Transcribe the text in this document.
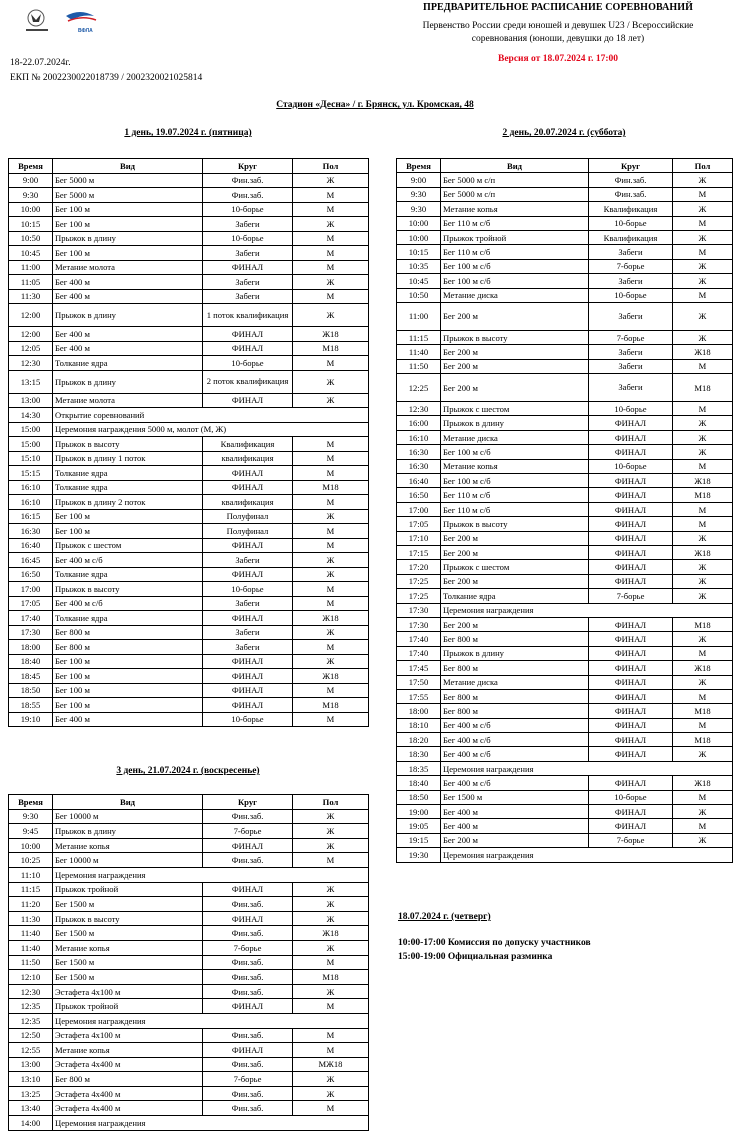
ВФЛА
ПРЕДВАРИТЕЛЬНОЕ РАСПИСАНИЕ СОРЕВНОВАНИЙ
Первенство России среди юношей и девушек U23 / Всероссийские
соревнования (юноши, девушки до 18 лет)
Версия от 18.07.2024 г. 17:00
18-22.07.2024г.
ЕКП № 2002230022018739 / 2002320021025814
Стадион «Десна» / г. Брянск, ул. Кромская, 48
1 день, 19.07.2024 г. (пятница)	2 день, 20.07.2024 г. (суббота)
3 день, 21.07.2024 г. (воскресенье)
Время	Вид	Круг	Пол
9:00	Бег 5000 м	Фин.заб.	Ж
9:30	Бег 5000 м	Фин.заб.	М
10:00	Бег 100 м	10-борье	М
10:15	Бег 100 м	Забеги	Ж
10:50	Прыжок в длину	10-борье	М
10:45	Бег 100 м	Забеги	М
11:00	Метание молота	ФИНАЛ	М
11:05	Бег 400 м	Забеги	Ж
11:30	Бег 400 м	Забеги	М
12:00	Прыжок в длину	1 поток квалификация	Ж
12:00	Бег 400 м	ФИНАЛ	Ж18
12:05	Бег 400 м	ФИНАЛ	М18
12:30	Толкание ядра	10-борье	М
13:15	Прыжок в длину	2 поток квалификация	Ж
13:00	Метание молота	ФИНАЛ	Ж
14:30	Открытие соревнований		
15:00	Церемония награждения 5000 м, молот (М, Ж)		
15:00	Прыжок в высоту	Квалификация	М
15:10	Прыжок в длину 1 поток	квалификация	М
15:15	Толкание ядра	ФИНАЛ	М
16:10	Толкание ядра	ФИНАЛ	М18
16:10	Прыжок в длину 2 поток	квалификация	М
16:15	Бег 100 м	Полуфинал	Ж
16:30	Бег 100 м	Полуфинал	М
16:40	Прыжок с шестом	ФИНАЛ	М
16:45	Бег 400 м с/б	Забеги	Ж
16:50	Толкание ядра	ФИНАЛ	Ж
17:00	Прыжок в высоту	10-борье	М
17:05	Бег 400 м с/б	Забеги	М
17:40	Толкание ядра	ФИНАЛ	Ж18
17:30	Бег 800 м	Забеги	Ж
18:00	Бег 800 м	Забеги	М
18:40	Бег 100 м	ФИНАЛ	Ж
18:45	Бег 100 м	ФИНАЛ	Ж18
18:50	Бег 100 м	ФИНАЛ	М
18:55	Бег 100 м	ФИНАЛ	М18
19:10	Бег 400 м	10-борье	М
Время	Вид	Круг	Пол
9:00	Бег 5000 м с/п	Фин.заб.	Ж
9:30	Бег 5000 м с/п	Фин.заб.	М
9:30	Метание копья	Квалификация	Ж
10:00	Бег 110 м с/б	10-борье	М
10:00	Прыжок тройной	Квалификация	Ж
10:15	Бег 110 м с/б	Забеги	М
10:35	Бег 100 м с/б	7-борье	Ж
10:45	Бег 100 м с/б	Забеги	Ж
10:50	Метание диска	10-борье	М
11:00	Бег 200 м	Забеги	Ж
11:15	Прыжок в высоту	7-борье	Ж
11:40	Бег 200 м	Забеги	Ж18
11:50	Бег 200 м	Забеги	М
12:25	Бег 200 м	Забеги	М18
12:30	Прыжок с шестом	10-борье	М
16:00	Прыжок в длину	ФИНАЛ	Ж
16:10	Метание диска	ФИНАЛ	Ж
16:30	Бег 100 м с/б	ФИНАЛ	Ж
16:30	Метание копья	10-борье	М
16:40	Бег 100 м с/б	ФИНАЛ	Ж18
16:50	Бег 110 м с/б	ФИНАЛ	М18
17:00	Бег 110 м с/б	ФИНАЛ	М
17:05	Прыжок в высоту	ФИНАЛ	М
17:10	Бег 200 м	ФИНАЛ	Ж
17:15	Бег 200 м	ФИНАЛ	Ж18
17:20	Прыжок с шестом	ФИНАЛ	Ж
17:25	Бег 200 м	ФИНАЛ	Ж
17:25	Толкание ядра	7-борье	Ж
17:30	Церемония награждения		
17:30	Бег 200 м	ФИНАЛ	М18
17:40	Бег 800 м	ФИНАЛ	Ж
17:40	Прыжок в длину	ФИНАЛ	М
17:45	Бег 800 м	ФИНАЛ	Ж18
17:50	Метание диска	ФИНАЛ	Ж
17:55	Бег 800 м	ФИНАЛ	М
18:00	Бег 800 м	ФИНАЛ	М18
18:10	Бег 400 м с/б	ФИНАЛ	М
18:20	Бег 400 м с/б	ФИНАЛ	М18
18:30	Бег 400 м с/б	ФИНАЛ	Ж
18:35	Церемония награждения		
18:40	Бег 400 м с/б	ФИНАЛ	Ж18
18:50	Бег 1500 м	10-борье	М
19:00	Бег 400 м	ФИНАЛ	Ж
19:05	Бег 400 м	ФИНАЛ	М
19:15	Бег 200 м	7-борье	Ж
19:30	Церемония награждения		
Время	Вид	Круг	Пол
9:30	Бег 10000 м	Фин.заб.	Ж
9:45	Прыжок в длину	7-борье	Ж
10:00	Метание копья	ФИНАЛ	Ж
10:25	Бег 10000 м	Фин.заб.	М
11:10	Церемония награждения		
11:15	Прыжок тройной	ФИНАЛ	Ж
11:20	Бег 1500 м	Фин.заб.	Ж
11:30	Прыжок в высоту	ФИНАЛ	Ж
11:40	Бег 1500 м	Фин.заб.	Ж18
11:40	Метание копья	7-борье	Ж
11:50	Бег 1500 м	Фин.заб.	М
12:10	Бег 1500 м	Фин.заб.	М18
12:30	Эстафета 4х100 м	Фин.заб.	Ж
12:35	Прыжок тройной	ФИНАЛ	М
12:35	Церемония награждения		
12:50	Эстафета 4х100 м	Фин.заб.	М
12:55	Метание копья	ФИНАЛ	М
13:00	Эстафета 4х400 м	Фин.заб.	МЖ18
13:10	Бег 800 м	7-борье	Ж
13:25	Эстафета 4х400 м	Фин.заб.	Ж
13:40	Эстафета 4х400 м	Фин.заб.	М
14:00	Церемония награждения		
18.07.2024 г. (четверг)
10:00-17:00 Комиссия по допуску участников
15:00-19:00 Официальная разминка
